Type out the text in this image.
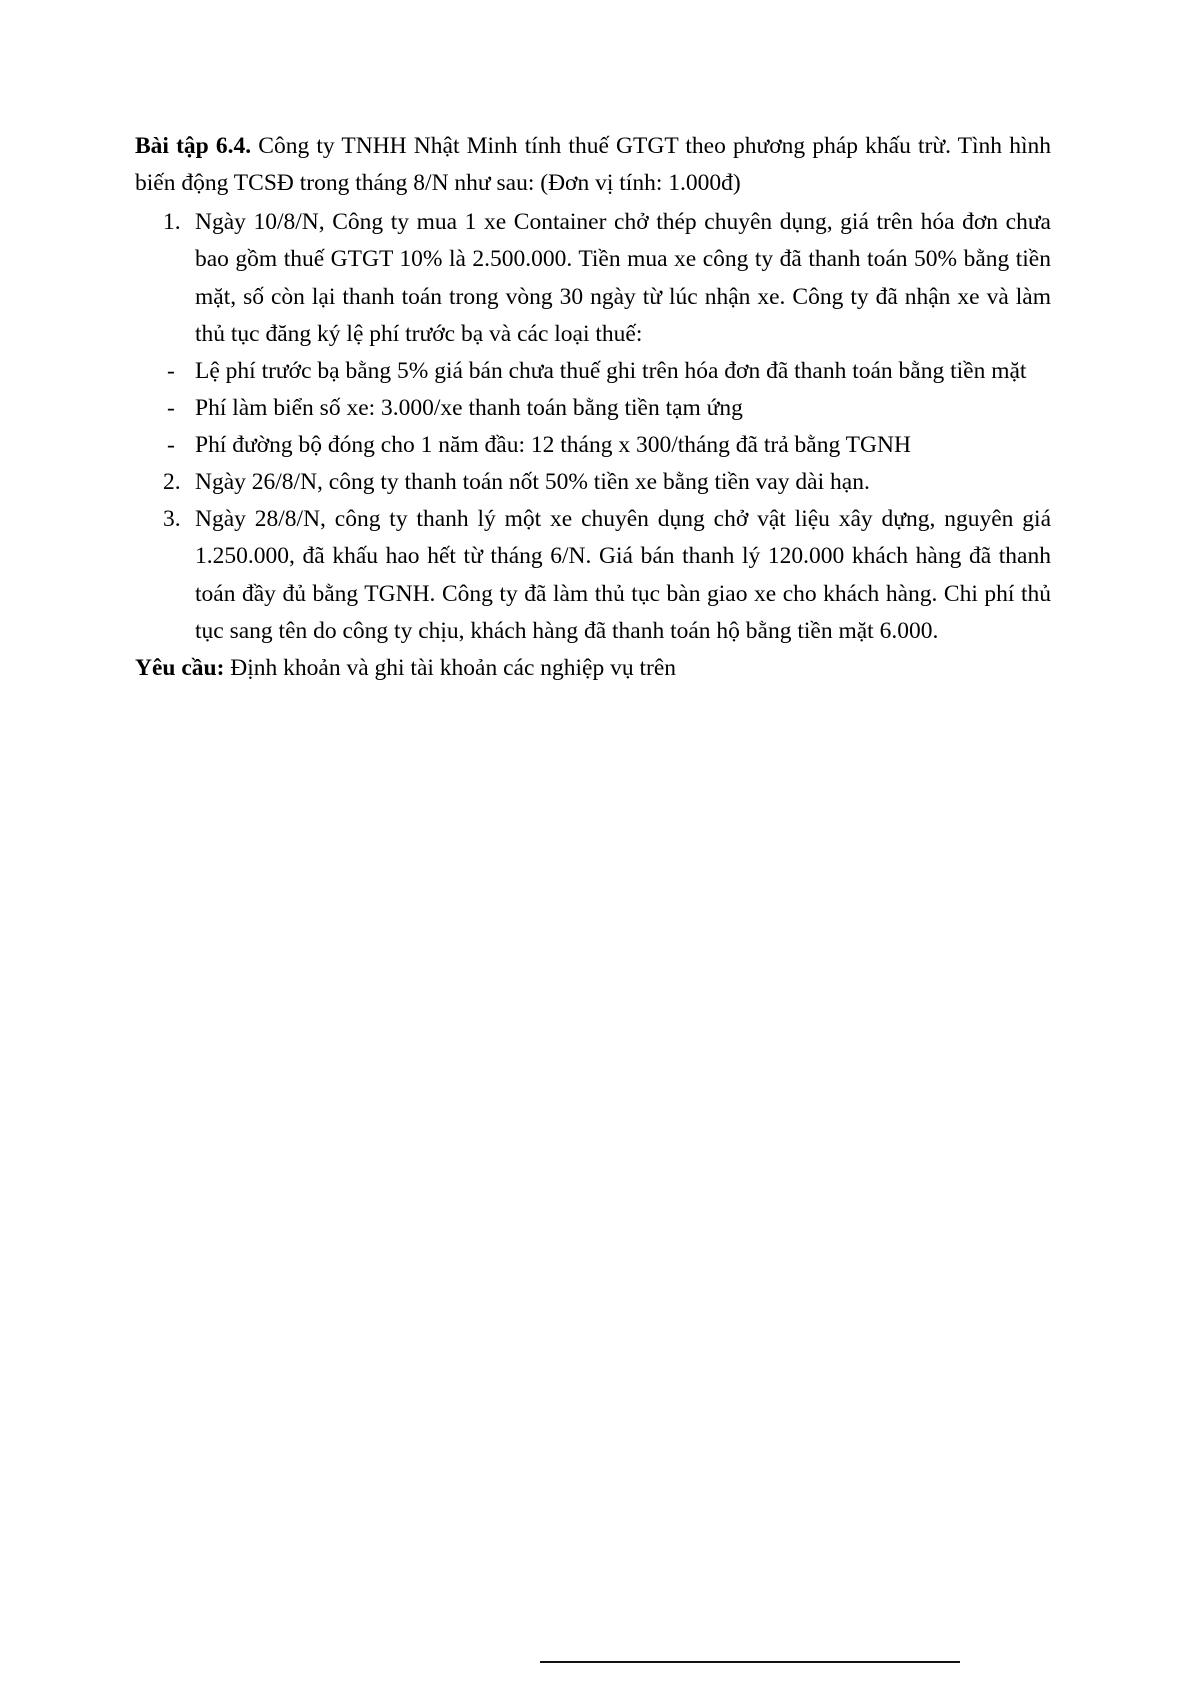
Bài tập 6.4. Công ty TNHH Nhật Minh tính thuế GTGT theo phương pháp khấu trừ. Tình hình biến động TCSĐ trong tháng 8/N như sau: (Đơn vị tính: 1.000đ)

1. Ngày 10/8/N, Công ty mua 1 xe Container chở thép chuyên dụng, giá trên hóa đơn chưa bao gồm thuế GTGT 10% là 2.500.000. Tiền mua xe công ty đã thanh toán 50% bằng tiền mặt, số còn lại thanh toán trong vòng 30 ngày từ lúc nhận xe. Công ty đã nhận xe và làm thủ tục đăng ký lệ phí trước bạ và các loại thuế:
- Lệ phí trước bạ bằng 5% giá bán chưa thuế ghi trên hóa đơn đã thanh toán bằng tiền mặt
- Phí làm biển số xe: 3.000/xe thanh toán bằng tiền tạm ứng
- Phí đường bộ đóng cho 1 năm đầu: 12 tháng x 300/tháng đã trả bằng TGNH
2. Ngày 26/8/N, công ty thanh toán nốt 50% tiền xe bằng tiền vay dài hạn.
3. Ngày 28/8/N, công ty thanh lý một xe chuyên dụng chở vật liệu xây dựng, nguyên giá 1.250.000, đã khấu hao hết từ tháng 6/N. Giá bán thanh lý 120.000 khách hàng đã thanh toán đầy đủ bằng TGNH. Công ty đã làm thủ tục bàn giao xe cho khách hàng. Chi phí thủ tục sang tên do công ty chịu, khách hàng đã thanh toán hộ bằng tiền mặt 6.000.

Yêu cầu: Định khoản và ghi tài khoản các nghiệp vụ trên
